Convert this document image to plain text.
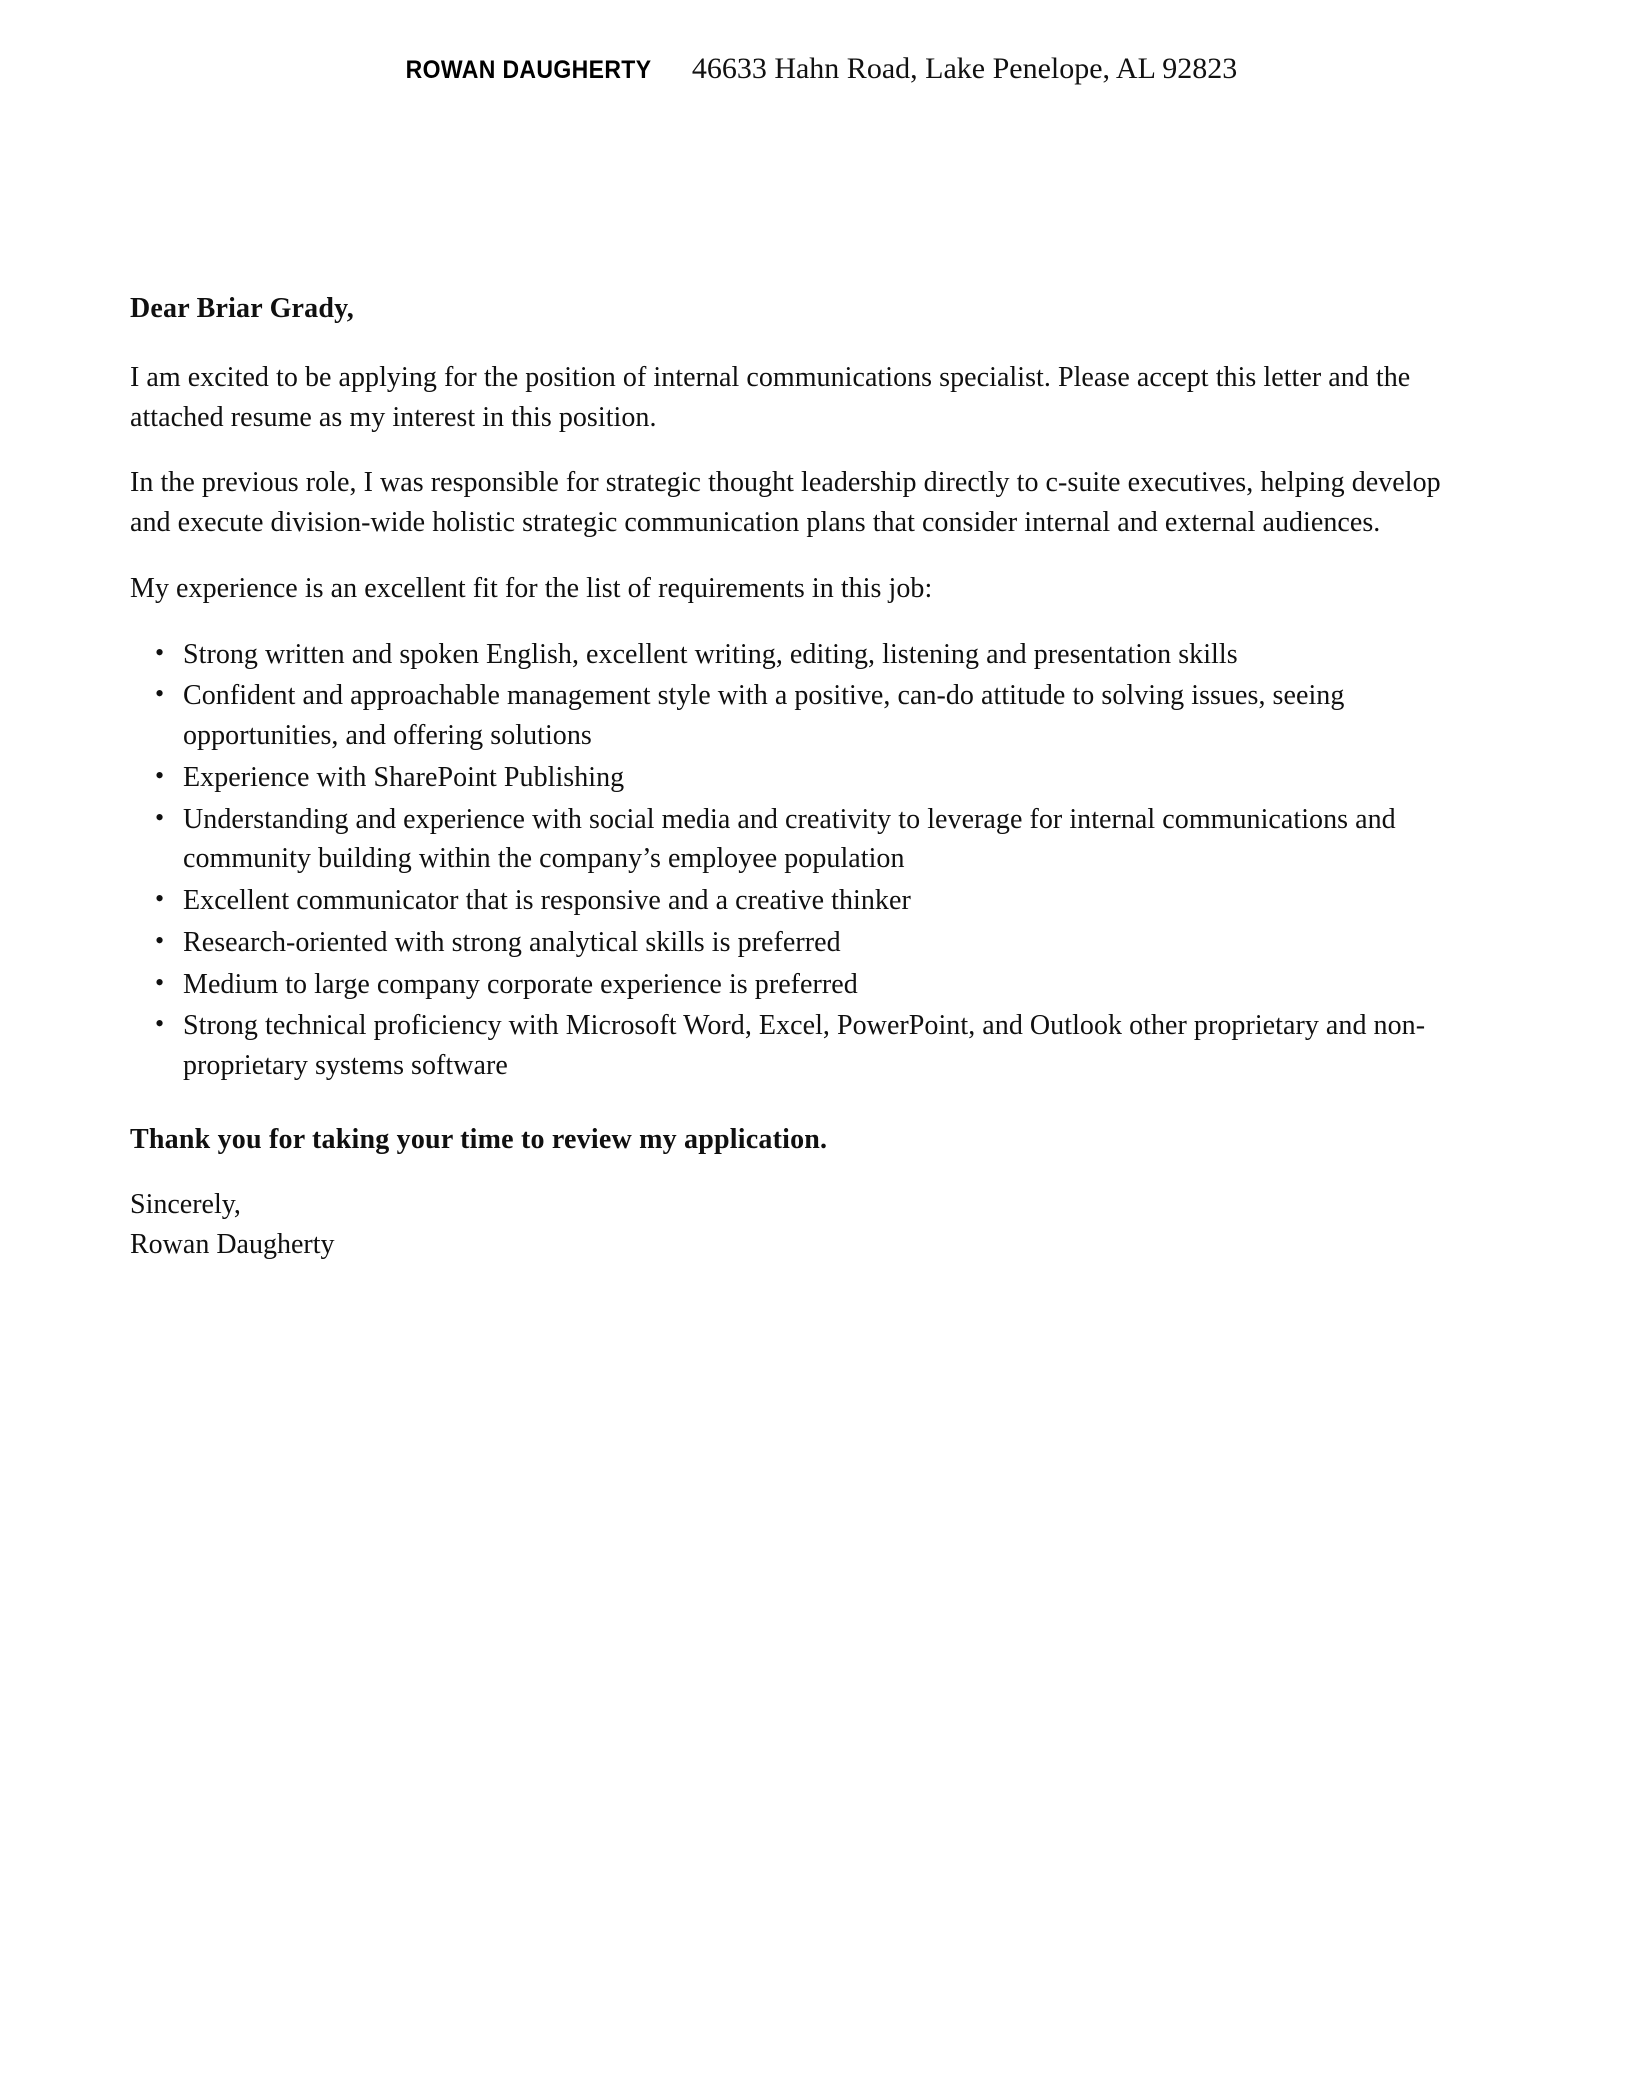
ROWAN DAUGHERTY 46633 Hahn Road, Lake Penelope, AL 92823
Dear Briar Grady,

I am excited to be applying for the position of internal communications specialist. Please accept this letter and the attached resume as my interest in this position.

In the previous role, I was responsible for strategic thought leadership directly to c-suite executives, helping develop and execute division-wide holistic strategic communication plans that consider internal and external audiences.

My experience is an excellent fit for the list of requirements in this job:

• Strong written and spoken English, excellent writing, editing, listening and presentation skills
• Confident and approachable management style with a positive, can-do attitude to solving issues, seeing opportunities, and offering solutions
• Experience with SharePoint Publishing
• Understanding and experience with social media and creativity to leverage for internal communications and community building within the company’s employee population
• Excellent communicator that is responsive and a creative thinker
• Research-oriented with strong analytical skills is preferred
• Medium to large company corporate experience is preferred
• Strong technical proficiency with Microsoft Word, Excel, PowerPoint, and Outlook other proprietary and non-proprietary systems software
Thank you for taking your time to review my application.
Sincerely,
Rowan Daugherty
